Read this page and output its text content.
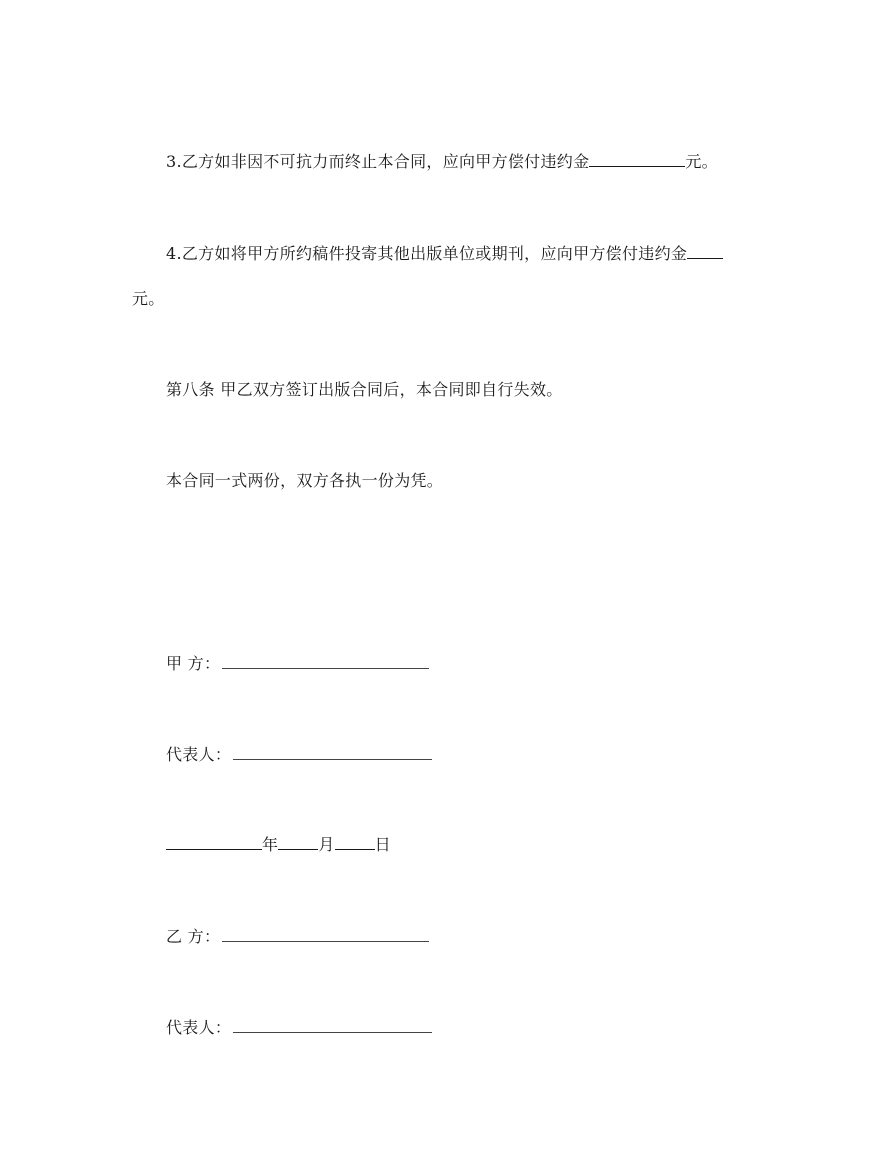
3.乙方如非因不可抗力而终止本合同，应向甲方偿付违约金	元。
4.乙方如将甲方所约稿件投寄其他出版单位或期刊，应向甲方偿付违约金
元。
第八条 甲乙双方签订出版合同后，本合同即自行失效。
本合同一式两份，双方各执一份为凭。
甲 方：
代表人：
年	月	日
乙 方：
代表人：
